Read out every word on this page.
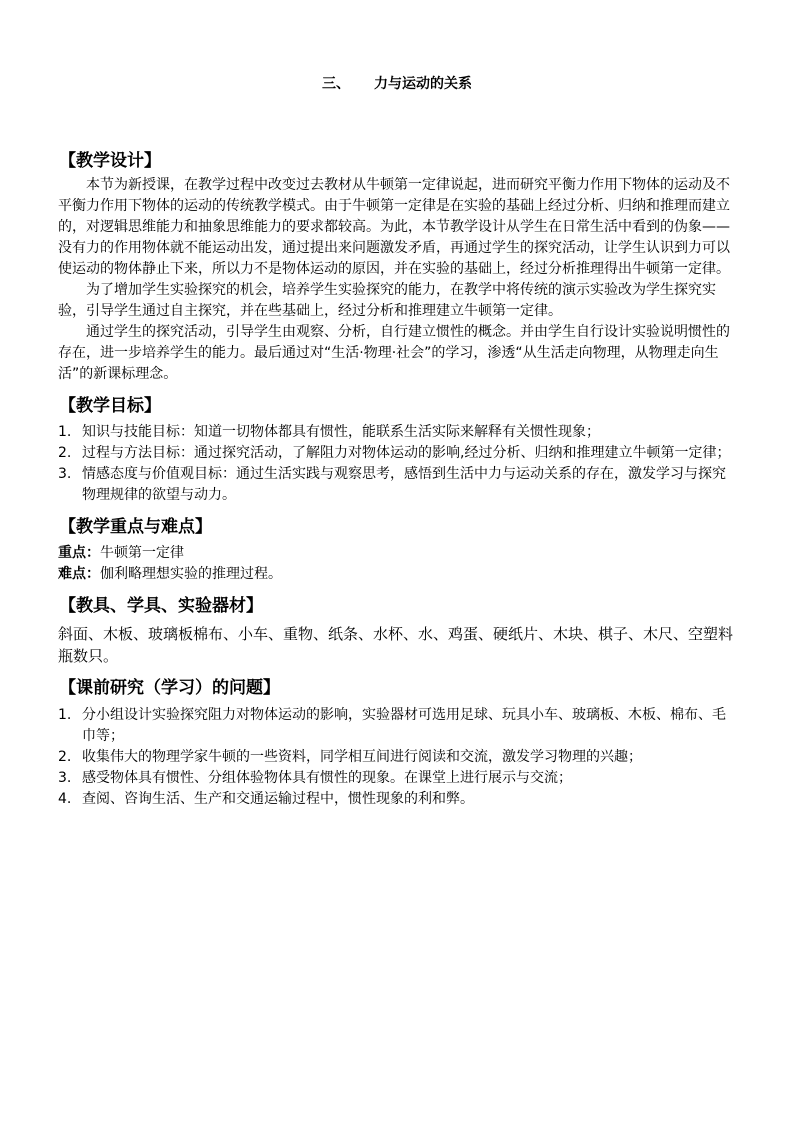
三、 力与运动的关系

【教学设计】

本节为新授课，在教学过程中改变过去教材从牛顿第一定律说起，进而研究平衡力作用下物体的运动及不平衡力作用下物体的运动的传统教学模式。由于牛顿第一定律是在实验的基础上经过分析、归纳和推理而建立的，对逻辑思维能力和抽象思维能力的要求都较高。为此，本节教学设计从学生在日常生活中看到的伪象——没有力的作用物体就不能运动出发，通过提出来问题激发矛盾，再通过学生的探究活动，让学生认识到力可以使运动的物体静止下来，所以力不是物体运动的原因，并在实验的基础上，经过分析推理得出牛顿第一定律。

为了增加学生实验探究的机会，培养学生实验探究的能力，在教学中将传统的演示实验改为学生探究实验，引导学生通过自主探究，并在些基础上，经过分析和推理建立牛顿第一定律。

通过学生的探究活动，引导学生由观察、分析，自行建立惯性的概念。并由学生自行设计实验说明惯性的存在，进一步培养学生的能力。最后通过对“生活·物理·社会”的学习，渗透“从生活走向物理，从物理走向生活”的新课标理念。

【教学目标】

1. 知识与技能目标：知道一切物体都具有惯性，能联系生活实际来解释有关惯性现象；
2. 过程与方法目标：通过探究活动，了解阻力对物体运动的影响,经过分析、归纳和推理建立牛顿第一定律；
3. 情感态度与价值观目标：通过生活实践与观察思考，感悟到生活中力与运动关系的存在，激发学习与探究物理规律的欲望与动力。

【教学重点与难点】

重点：牛顿第一定律

难点：伽利略理想实验的推理过程。

【教具、学具、实验器材】

斜面、木板、玻璃板棉布、小车、重物、纸条、水杯、水、鸡蛋、硬纸片、木块、棋子、木尺、空塑料瓶数只。

【课前研究（学习）的问题】

1. 分小组设计实验探究阻力对物体运动的影响，实验器材可选用足球、玩具小车、玻璃板、木板、棉布、毛巾等；
2. 收集伟大的物理学家牛顿的一些资料，同学相互间进行阅读和交流，激发学习物理的兴趣；
3. 感受物体具有惯性、分组体验物体具有惯性的现象。在课堂上进行展示与交流；
4. 查阅、咨询生活、生产和交通运输过程中，惯性现象的利和弊。
